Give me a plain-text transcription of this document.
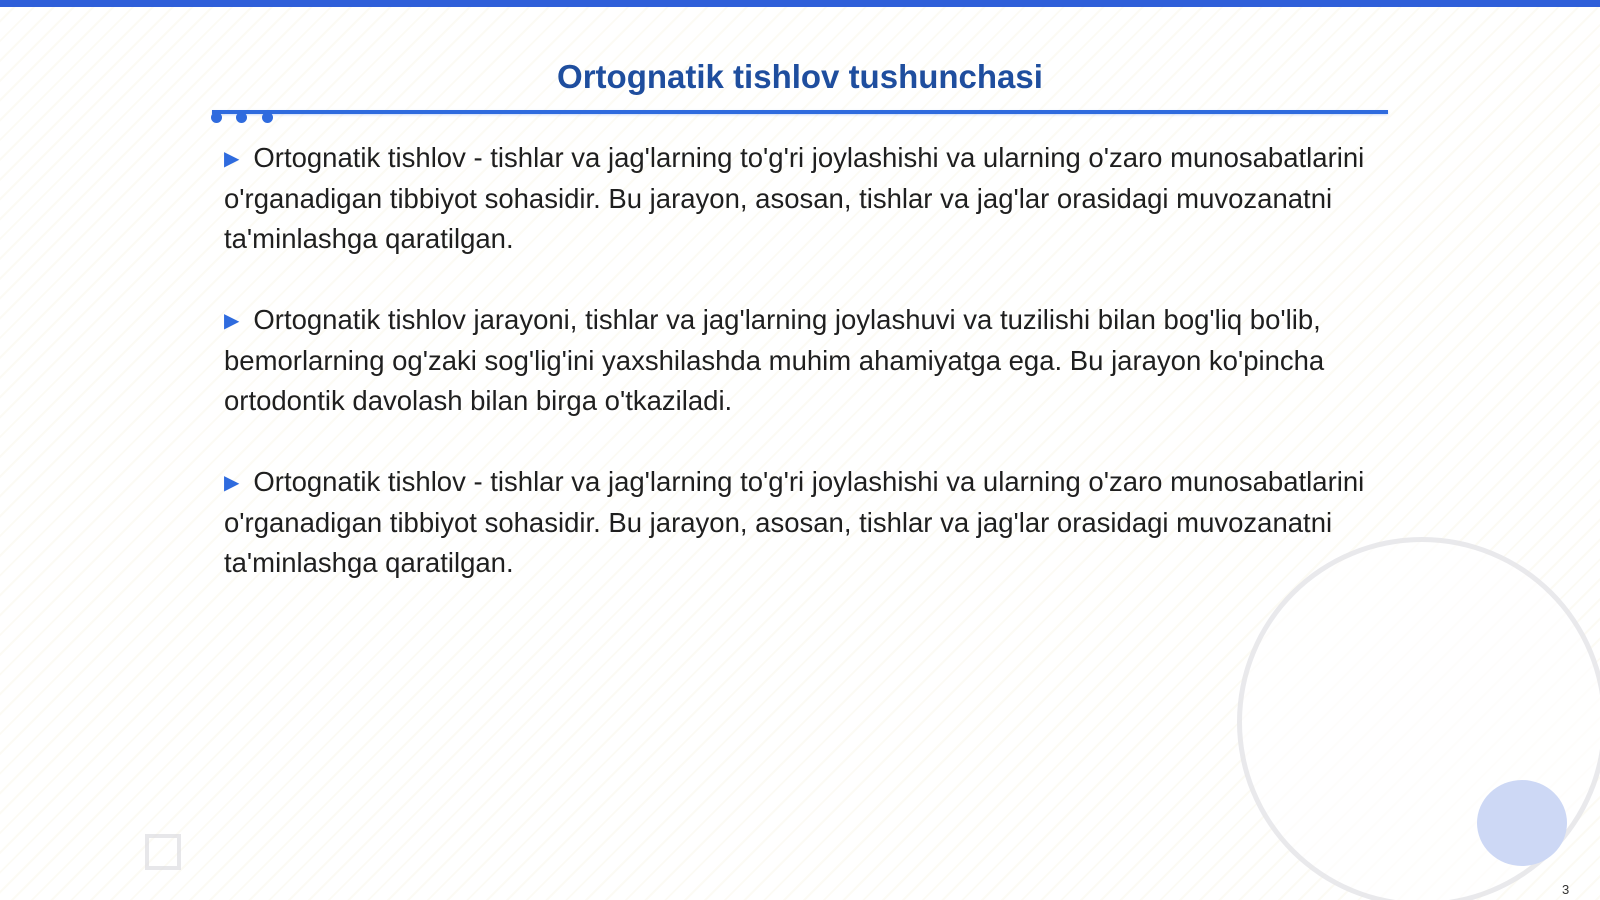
Ortognatik tishlov tushunchasi

▶ Ortognatik tishlov - tishlar va jag'larning to'g'ri joylashishi va ularning o'zaro munosabatlarini o'rganadigan tibbiyot sohasidir. Bu jarayon, asosan, tishlar va jag'lar orasidagi muvozanatni ta'minlashga qaratilgan.

▶ Ortognatik tishlov jarayoni, tishlar va jag'larning joylashuvi va tuzilishi bilan bog'liq bo'lib, bemorlarning og'zaki sog'lig'ini yaxshilashda muhim ahamiyatga ega. Bu jarayon ko'pincha ortodontik davolash bilan birga o'tkaziladi.

▶ Ortognatik tishlov - tishlar va jag'larning to'g'ri joylashishi va ularning o'zaro munosabatlarini o'rganadigan tibbiyot sohasidir. Bu jarayon, asosan, tishlar va jag'lar orasidagi muvozanatni ta'minlashga qaratilgan.

3
